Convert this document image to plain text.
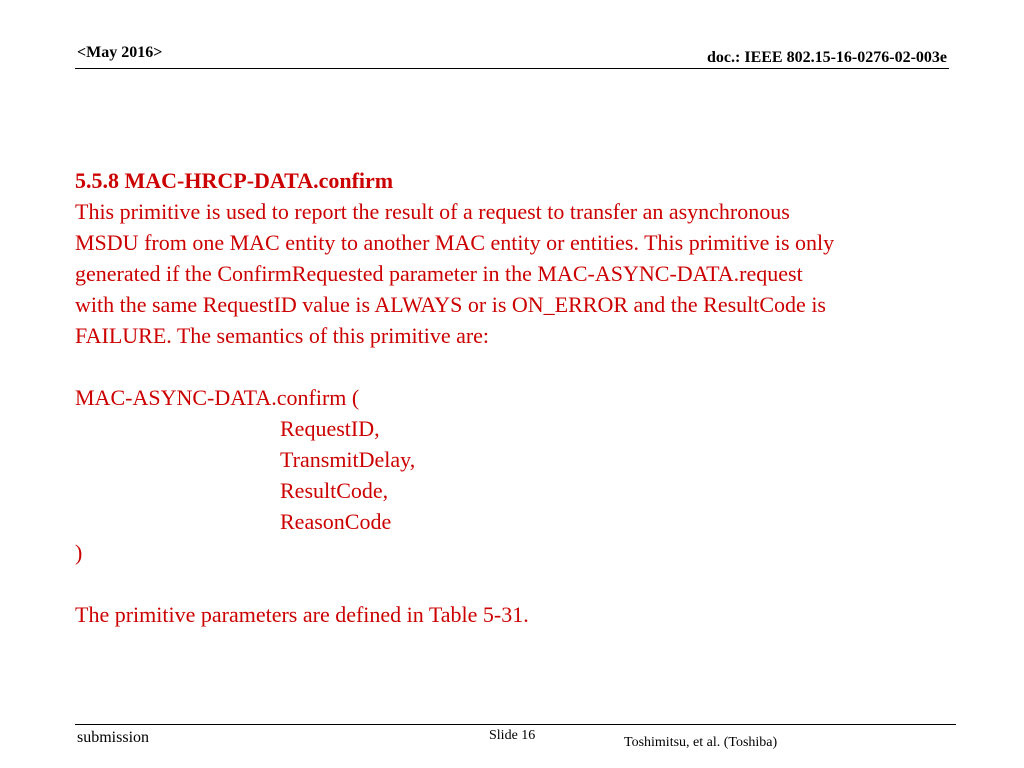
<May 2016>	doc.: IEEE 802.15-16-0276-02-003e
5.5.8 MAC-HRCP-DATA.confirm
This primitive is used to report the result of a request to transfer an asynchronous
MSDU from one MAC entity to another MAC entity or entities. This primitive is only
generated if the ConfirmRequested parameter in the MAC-ASYNC-DATA.request
with the same RequestID value is ALWAYS or is ON_ERROR and the ResultCode is
FAILURE. The semantics of this primitive are:
MAC-ASYNC-DATA.confirm (
RequestID,
TransmitDelay,
ResultCode,
ReasonCode
)
The primitive parameters are defined in Table 5-31.
submission	Slide 16	Toshimitsu, et al. (Toshiba)
